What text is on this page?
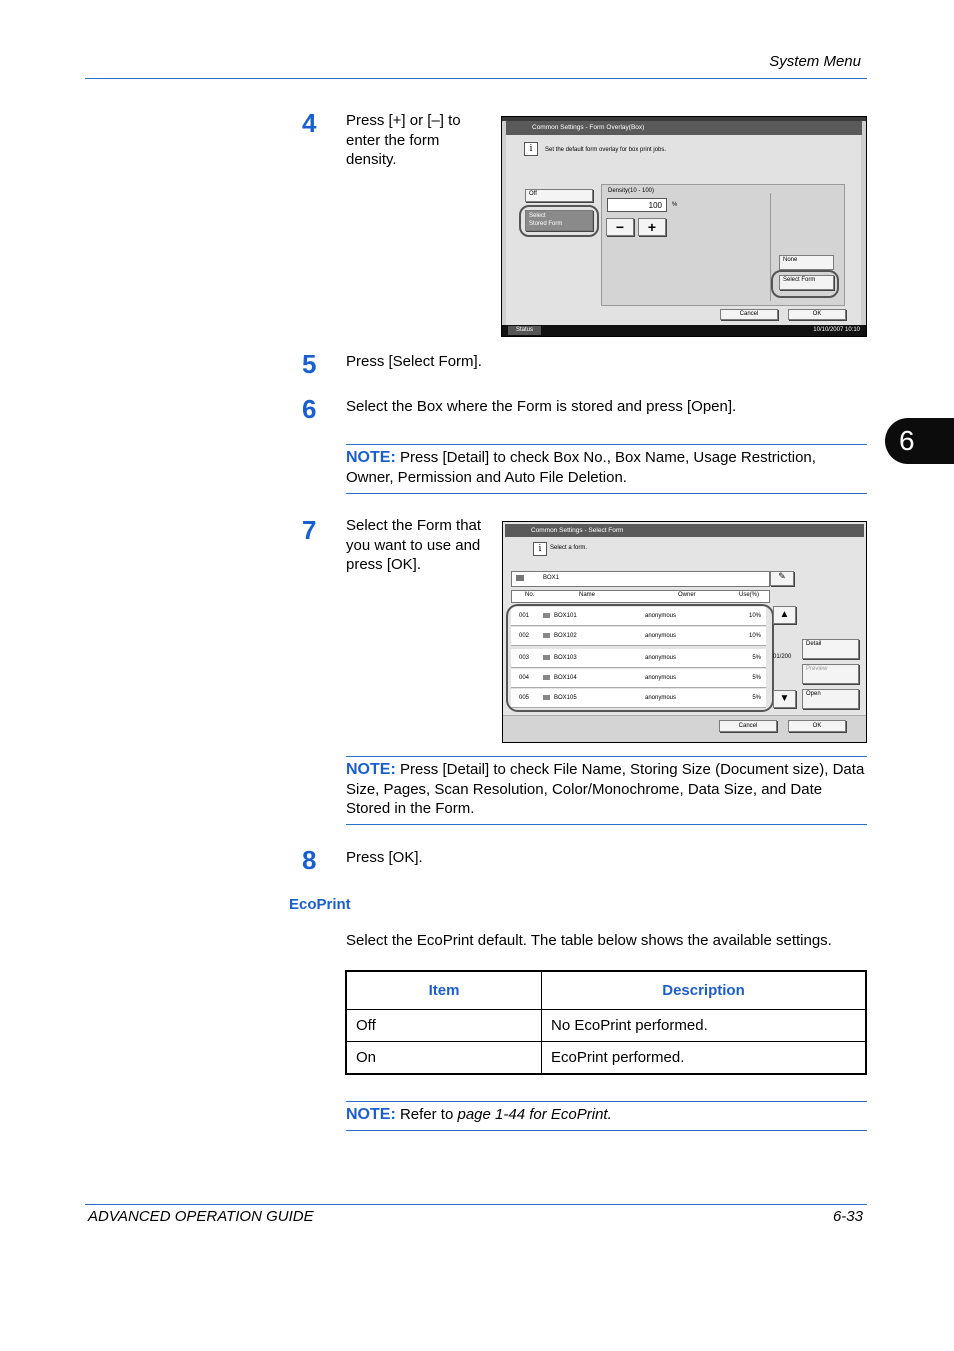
System Menu
6
4 Press [+] or [–] to enter the form density.
Common Settings - Form Overlay(Box)
i	Set the default form overlay for box print jobs.
Off
Select
Stored Form
Density(10 - 100)
100	%
−	+
None
Select Form
Cancel	OK
Status	10/10/2007 10:10
5 Press [Select Form].
6 Select the Box where the Form is stored and press [Open].
NOTE: Press [Detail] to check Box No., Box Name, Usage Restriction, Owner, Permission and Auto File Deletion.
7 Select the Form that you want to use and press [OK].
Common Settings - Select Form
i	Select a form.
BOX1	✎
No.	Name	Owner	Use(%)
001	BOX101	anonymous	10%
002	BOX102	anonymous	10%
003	BOX103	anonymous	5%
004	BOX104	anonymous	5%
005	BOX105	anonymous	5%
▲
01/200
▼
Detail
Preview
Open
Cancel	OK
NOTE: Press [Detail] to check File Name, Storing Size (Document size), Data Size, Pages, Scan Resolution, Color/Monochrome, Data Size, and Date Stored in the Form.
8 Press [OK].
EcoPrint
Select the EcoPrint default. The table below shows the available settings.
Item	Description
Off	No EcoPrint performed.
On	EcoPrint performed.
NOTE: Refer to page 1-44 for EcoPrint.
ADVANCED OPERATION GUIDE	6-33
